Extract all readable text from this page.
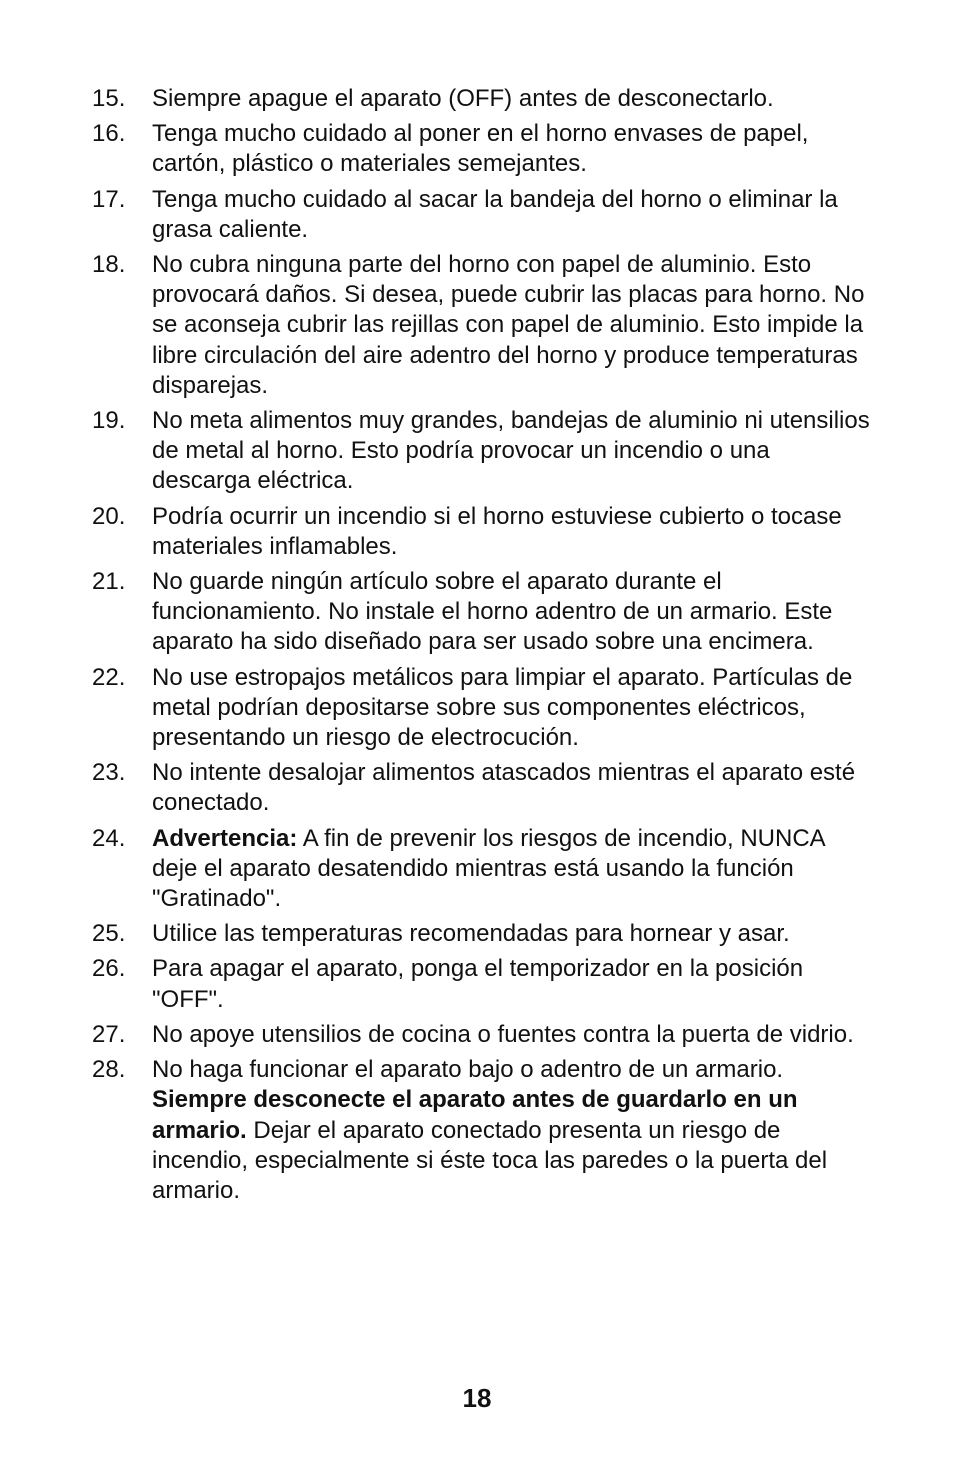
15.	Siempre apague el aparato (OFF) antes de desconectarlo.
16.	Tenga mucho cuidado al poner en el horno envases de papel, cartón, plástico o materiales semejantes.
17.	Tenga mucho cuidado al sacar la bandeja del horno o eliminar la grasa caliente.
18.	No cubra ninguna parte del horno con papel de aluminio. Esto provocará daños. Si desea, puede cubrir las placas para horno. No se aconseja cubrir las rejillas con papel de aluminio. Esto impide la libre circulación del aire adentro del horno y produce temperaturas disparejas.
19.	No meta alimentos muy grandes, bandejas de aluminio ni utensilios de metal al horno. Esto podría provocar un incendio o una descarga eléctrica.
20.	Podría ocurrir un incendio si el horno estuviese cubierto o tocase materiales inflamables.
21.	No guarde ningún artículo sobre el aparato durante el funcionamiento. No instale el horno adentro de un armario. Este aparato ha sido diseñado para ser usado sobre una encimera.
22.	No use estropajos metálicos para limpiar el aparato. Partículas de metal podrían depositarse sobre sus componentes eléctricos, presentando un riesgo de electrocución.
23.	No intente desalojar alimentos atascados mientras el aparato esté conectado.
24.	Advertencia: A fin de prevenir los riesgos de incendio, NUNCA deje el aparato desatendido mientras está usando la función "Gratinado".
25.	Utilice las temperaturas recomendadas para hornear y asar.
26.	Para apagar el aparato, ponga el temporizador en la posición "OFF".
27.	No apoye utensilios de cocina o fuentes contra la puerta de vidrio.
28.	No haga funcionar el aparato bajo o adentro de un armario. Siempre desconecte el aparato antes de guardarlo en un armario. Dejar el aparato conectado presenta un riesgo de incendio, especialmente si éste toca las paredes o la puerta del armario.
18
